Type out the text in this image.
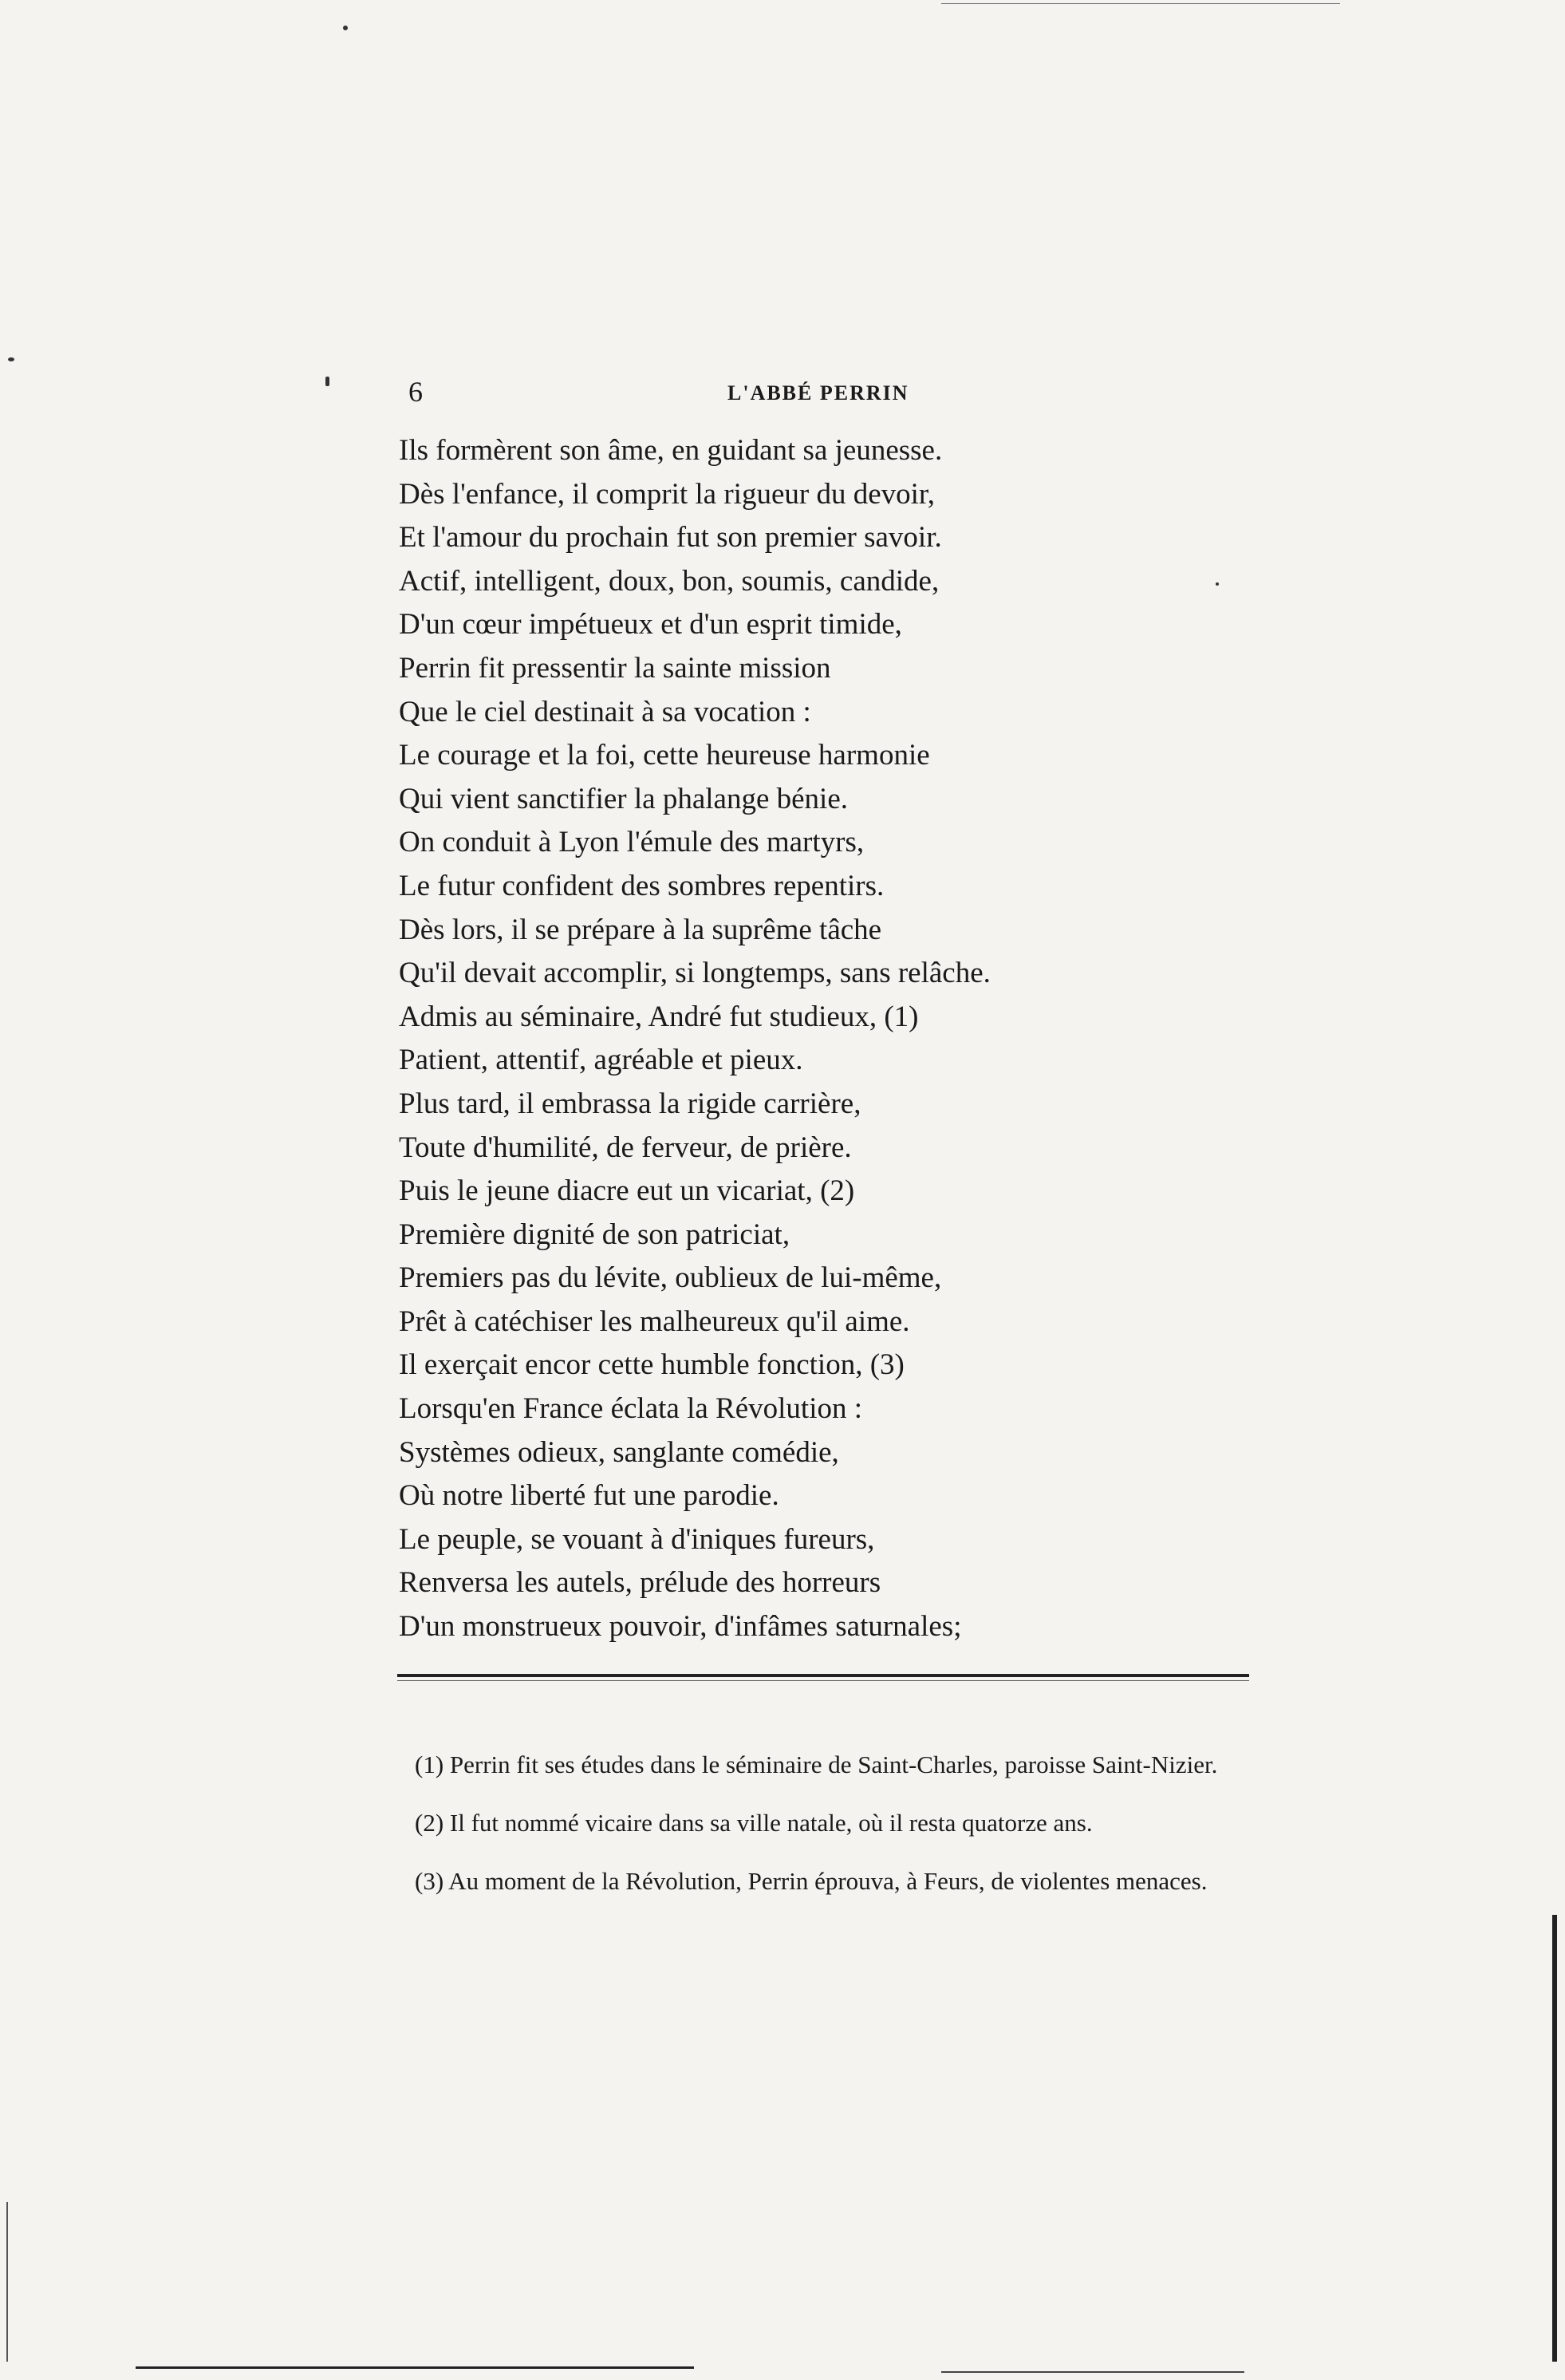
6	L'ABBÉ PERRIN
Ils formèrent son âme, en guidant sa jeunesse.
Dès l'enfance, il comprit la rigueur du devoir,
Et l'amour du prochain fut son premier savoir.
Actif, intelligent, doux, bon, soumis, candide,
D'un cœur impétueux et d'un esprit timide,
Perrin fit pressentir la sainte mission
Que le ciel destinait à sa vocation :
Le courage et la foi, cette heureuse harmonie
Qui vient sanctifier la phalange bénie.
On conduit à Lyon l'émule des martyrs,
Le futur confident des sombres repentirs.
Dès lors, il se prépare à la suprême tâche
Qu'il devait accomplir, si longtemps, sans relâche.
Admis au séminaire, André fut studieux, (1)
Patient, attentif, agréable et pieux.
Plus tard, il embrassa la rigide carrière,
Toute d'humilité, de ferveur, de prière.
Puis le jeune diacre eut un vicariat, (2)
Première dignité de son patriciat,
Premiers pas du lévite, oublieux de lui-même,
Prêt à catéchiser les malheureux qu'il aime.
Il exerçait encor cette humble fonction, (3)
Lorsqu'en France éclata la Révolution :
Systèmes odieux, sanglante comédie,
Où notre liberté fut une parodie.
Le peuple, se vouant à d'iniques fureurs,
Renversa les autels, prélude des horreurs
D'un monstrueux pouvoir, d'infâmes saturnales;

(1) Perrin fit ses études dans le séminaire de Saint-Charles, paroisse Saint-Nizier.

(2) Il fut nommé vicaire dans sa ville natale, où il resta quatorze ans.

(3) Au moment de la Révolution, Perrin éprouva, à Feurs, de violentes menaces.
